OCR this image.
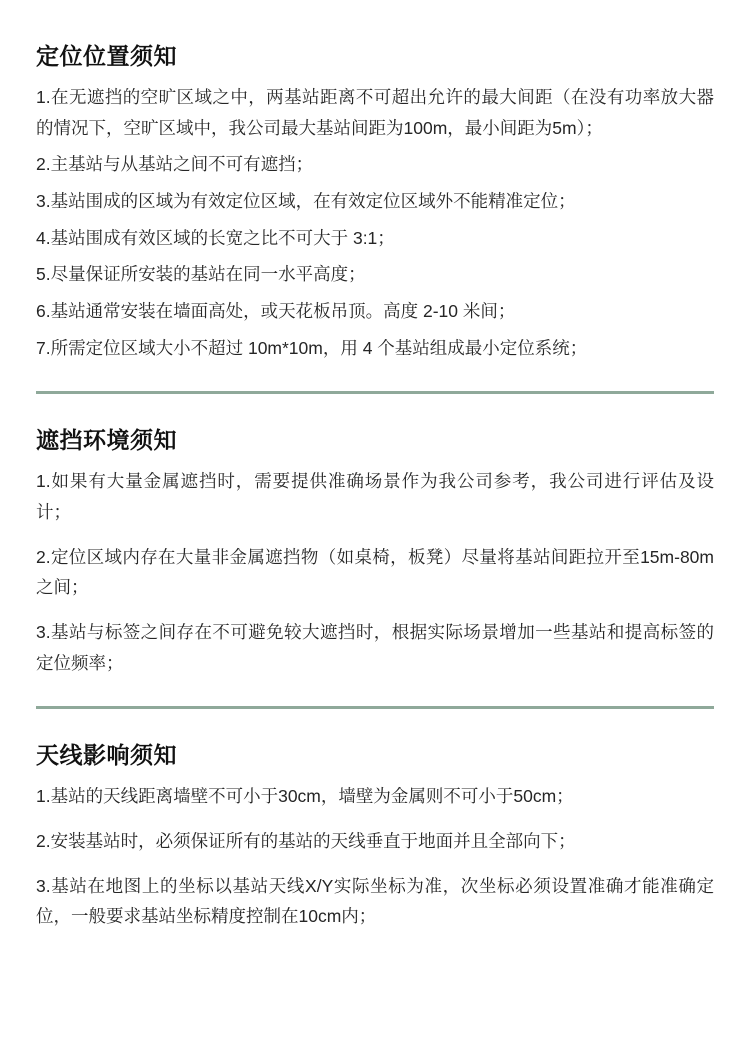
定位位置须知

1.在无遮挡的空旷区域之中，两基站距离不可超出允许的最大间距（在没有功率放大器的情况下，空旷区域中，我公司最大基站间距为100m，最小间距为5m）；

2.主基站与从基站之间不可有遮挡；

3.基站围成的区域为有效定位区域，在有效定位区域外不能精准定位；

4.基站围成有效区域的长宽之比不可大于 3:1；

5.尽量保证所安装的基站在同一水平高度；

6.基站通常安装在墙面高处，或天花板吊顶。高度 2-10 米间；

7.所需定位区域大小不超过 10m*10m，用 4 个基站组成最小定位系统；

遮挡环境须知

1.如果有大量金属遮挡时，需要提供准确场景作为我公司参考，我公司进行评估及设计；

2.定位区域内存在大量非金属遮挡物（如桌椅，板凳）尽量将基站间距拉开至15m-80m 之间；

3.基站与标签之间存在不可避免较大遮挡时，根据实际场景增加一些基站和提高标签的定位频率；

天线影响须知

1.基站的天线距离墙壁不可小于30cm，墙壁为金属则不可小于50cm；

2.安装基站时，必须保证所有的基站的天线垂直于地面并且全部向下；

3.基站在地图上的坐标以基站天线X/Y实际坐标为准，次坐标必须设置准确才能准确定位，一般要求基站坐标精度控制在10cm内；
